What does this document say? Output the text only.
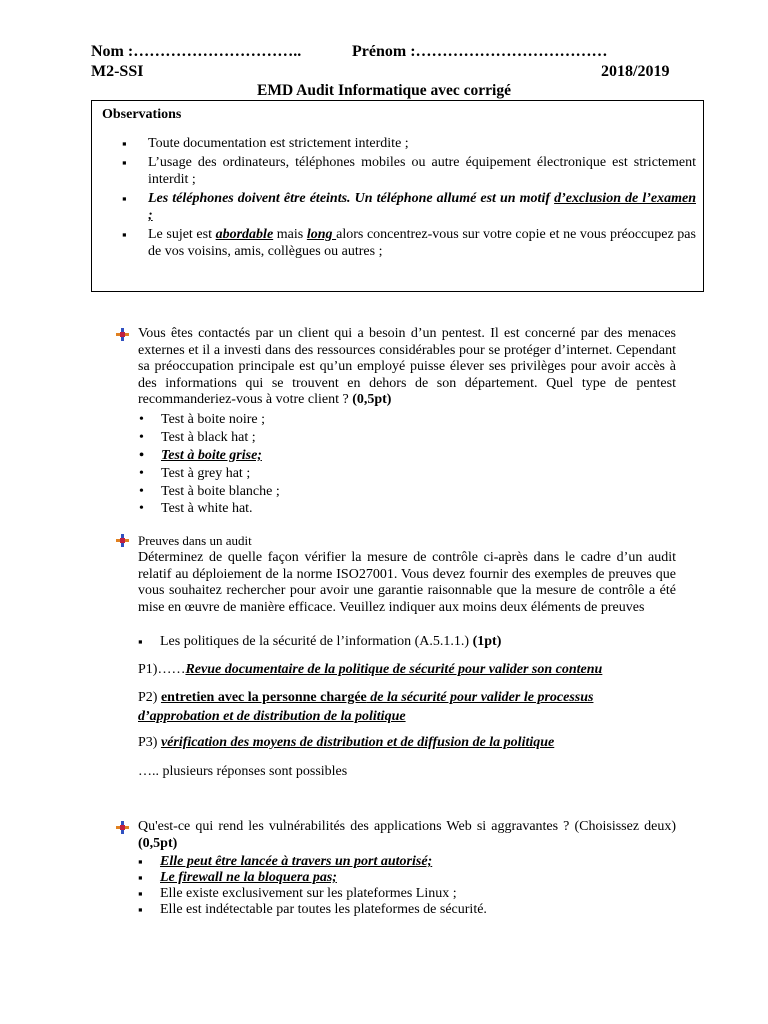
Nom :…………………………..	Prénom :………………………………
M2-SSI	2018/2019
EMD Audit Informatique avec corrigé
Observations
▪ Toute documentation est strictement interdite ;
▪ L’usage des ordinateurs, téléphones mobiles ou autre équipement électronique est strictement interdit ;
▪ Les téléphones doivent être éteints. Un téléphone allumé est un motif d’exclusion de l’examen ;
▪ Le sujet est abordable mais long alors concentrez-vous sur votre copie et ne vous préoccupez pas de vos voisins, amis, collègues ou autres ;
Vous êtes contactés par un client qui a besoin d’un pentest. Il est concerné par des menaces externes et il a investi dans des ressources considérables pour se protéger d’internet. Cependant sa préoccupation principale est qu’un employé puisse élever ses privilèges pour avoir accès à des informations qui se trouvent en dehors de son département. Quel type de pentest recommanderiez-vous à votre client ? (0,5pt)
• Test à boite noire ;
• Test à black hat ;
• Test à boite grise;
• Test à grey hat ;
• Test à boite blanche ;
• Test à white hat.
Preuves dans un audit
Déterminez de quelle façon vérifier la mesure de contrôle ci-après dans le cadre d’un audit relatif au déploiement de la norme ISO27001. Vous devez fournir des exemples de preuves que vous souhaitez rechercher pour avoir une garantie raisonnable que la mesure de contrôle a été mise en œuvre de manière efficace. Veuillez indiquer aux moins deux éléments de preuves
▪ Les politiques de la sécurité de l’information (A.5.1.1.) (1pt)
P1)……Revue documentaire de la politique de sécurité pour valider son contenu
P2) entretien avec la personne chargée de la sécurité pour valider le processus d’approbation et de distribution de la politique
P3) vérification des moyens de distribution et de diffusion de la politique
….. plusieurs réponses sont possibles
Qu'est-ce qui rend les vulnérabilités des applications Web si aggravantes ? (Choisissez deux) (0,5pt)
▪ Elle peut être lancée à travers un port autorisé;
▪ Le firewall ne la bloquera pas;
▪ Elle existe exclusivement sur les plateformes Linux ;
▪ Elle est indétectable par toutes les plateformes de sécurité.
